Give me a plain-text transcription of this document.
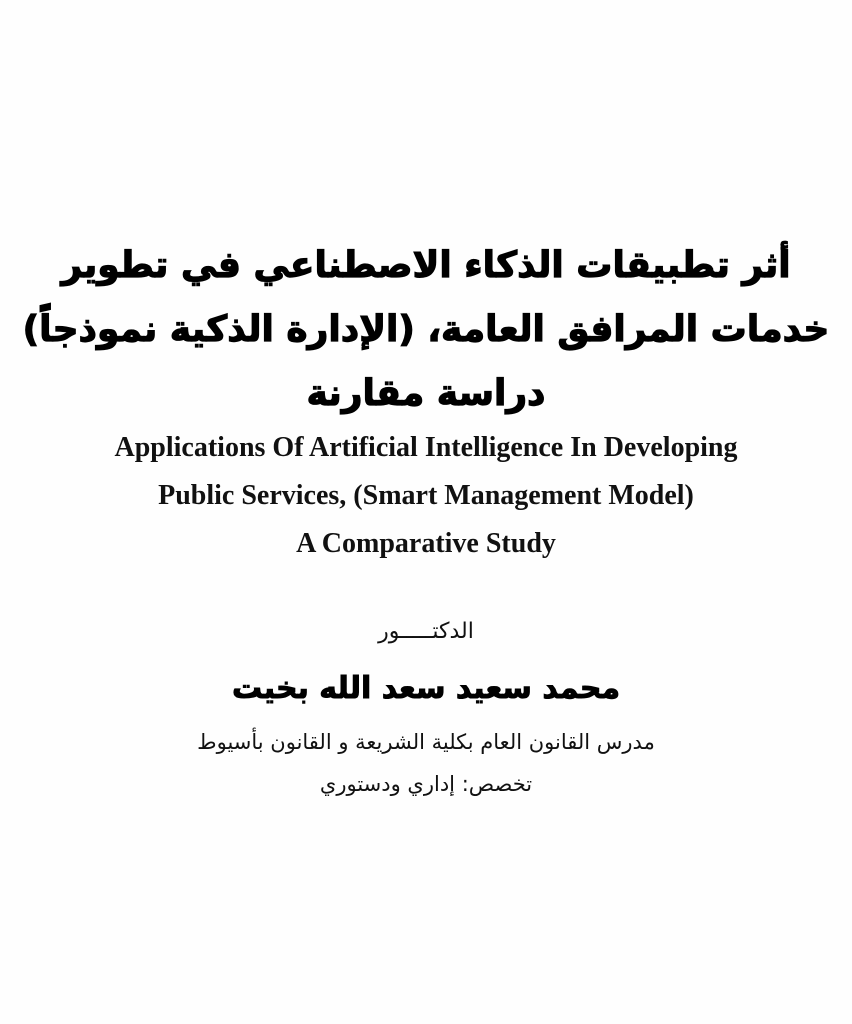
أثر تطبيقات الذكاء الاصطناعي في تطوير
خدمات المرافق العامة، (الإدارة الذكية نموذجاً)
دراسة مقارنة
Applications Of Artificial Intelligence In Developing
Public Services, (Smart Management Model)
A Comparative Study
الدكتـــــور
محمد سعيد سعد الله بخيت
مدرس القانون العام بكلية الشريعة و القانون بأسيوط
تخصص: إداري ودستوري
